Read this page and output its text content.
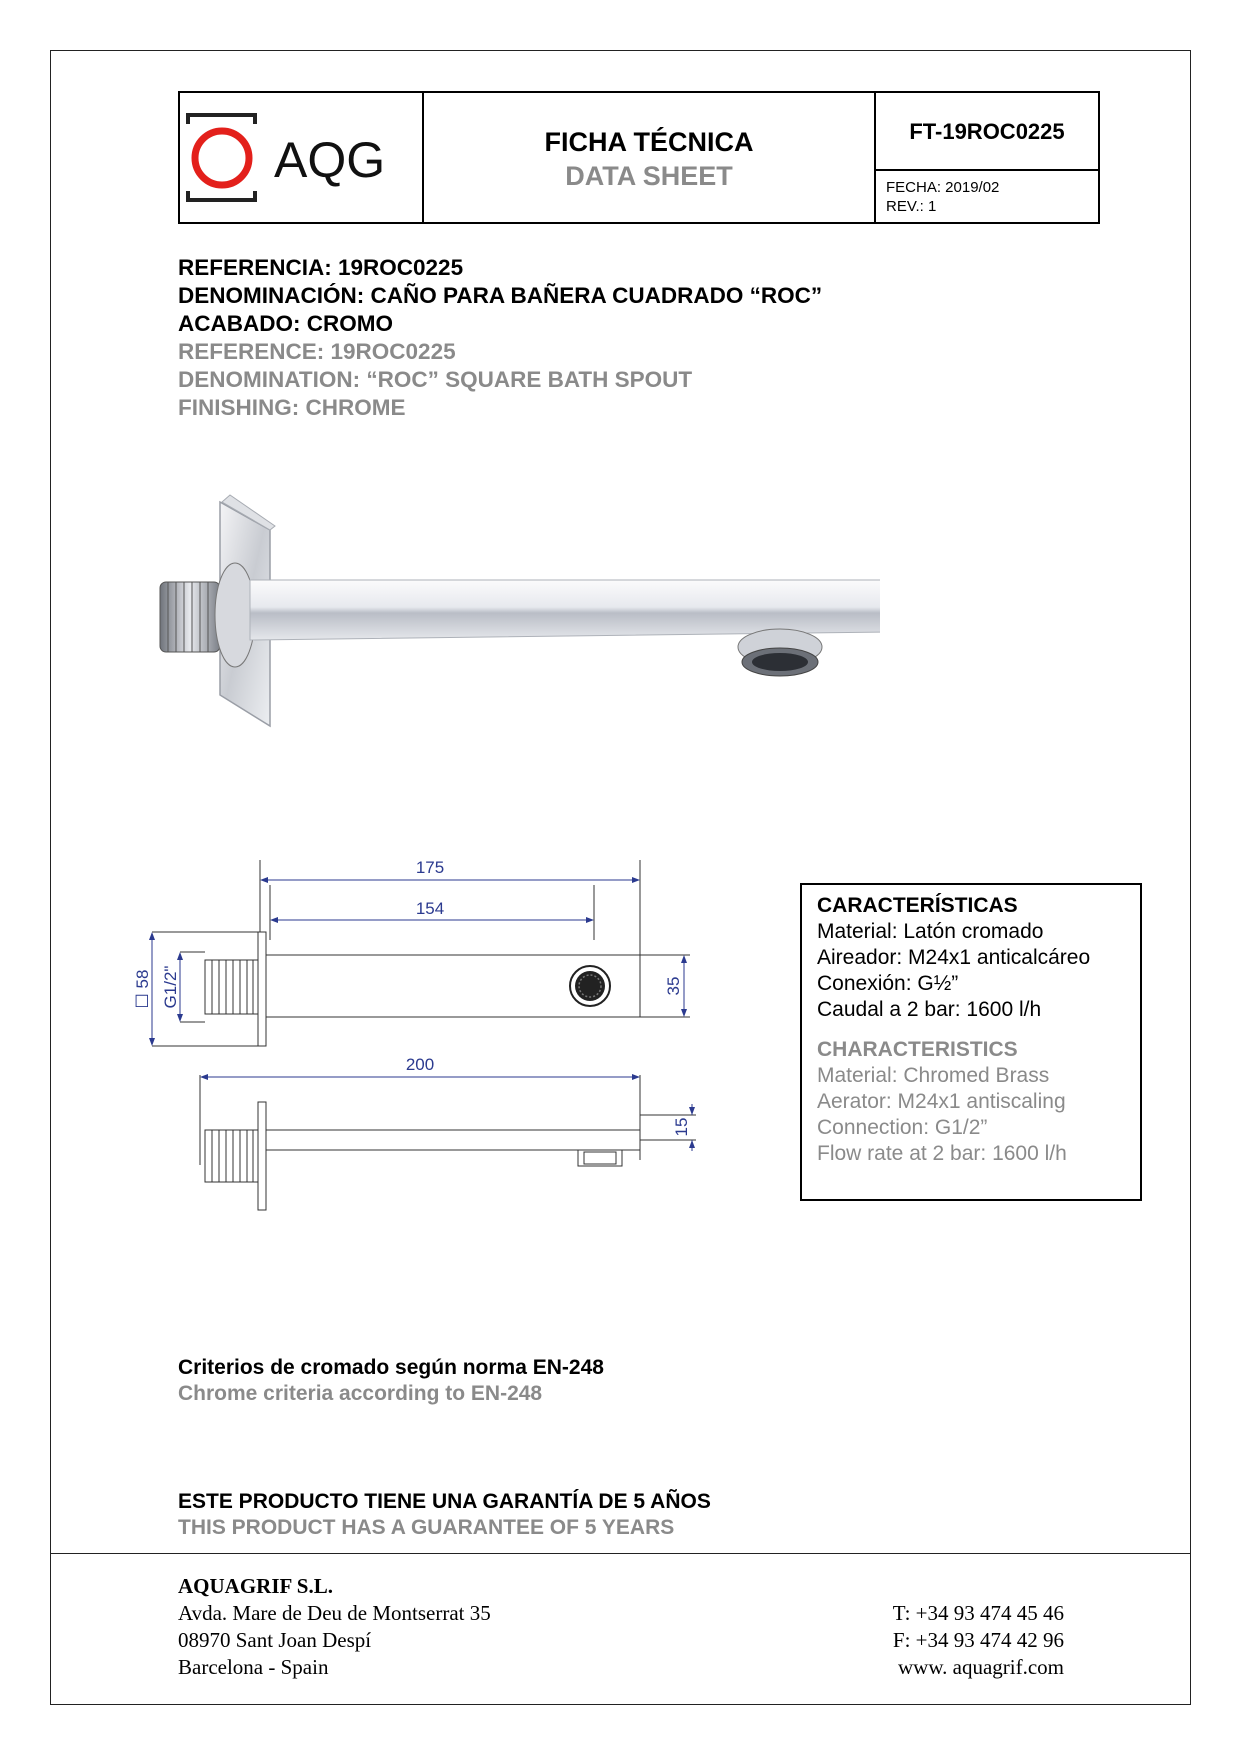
AQG	FICHA TÉCNICA
DATA SHEET
FT-19ROC0225
FECHA: 2019/02
REV.: 1
REFERENCIA: 19ROC0225
DENOMINACIÓN: CAÑO PARA BAÑERA CUADRADO “ROC”
ACABADO: CROMO
REFERENCE: 19ROC0225
DENOMINATION: “ROC” SQUARE BATH SPOUT
FINISHING: CHROME
175
154
☐ 58 G1/2"	35
200
15
CARACTERÍSTICAS
Material: Latón cromado
Aireador: M24x1 anticalcáreo
Conexión: G½”
Caudal a 2 bar: 1600 l/h
CHARACTERISTICS
Material: Chromed Brass
Aerator: M24x1 antiscaling
Connection: G1/2”
Flow rate at 2 bar: 1600 l/h
Criterios de cromado según norma EN-248
Chrome criteria according to EN-248
ESTE PRODUCTO TIENE UNA GARANTÍA DE 5 AÑOS
THIS PRODUCT HAS A GUARANTEE OF 5 YEARS
AQUAGRIF S.L.
Avda. Mare de Deu de Montserrat 35
08970 Sant Joan Despí
Barcelona - Spain
T: +34 93 474 45 46
F: +34 93 474 42 96
www. aquagrif.com
